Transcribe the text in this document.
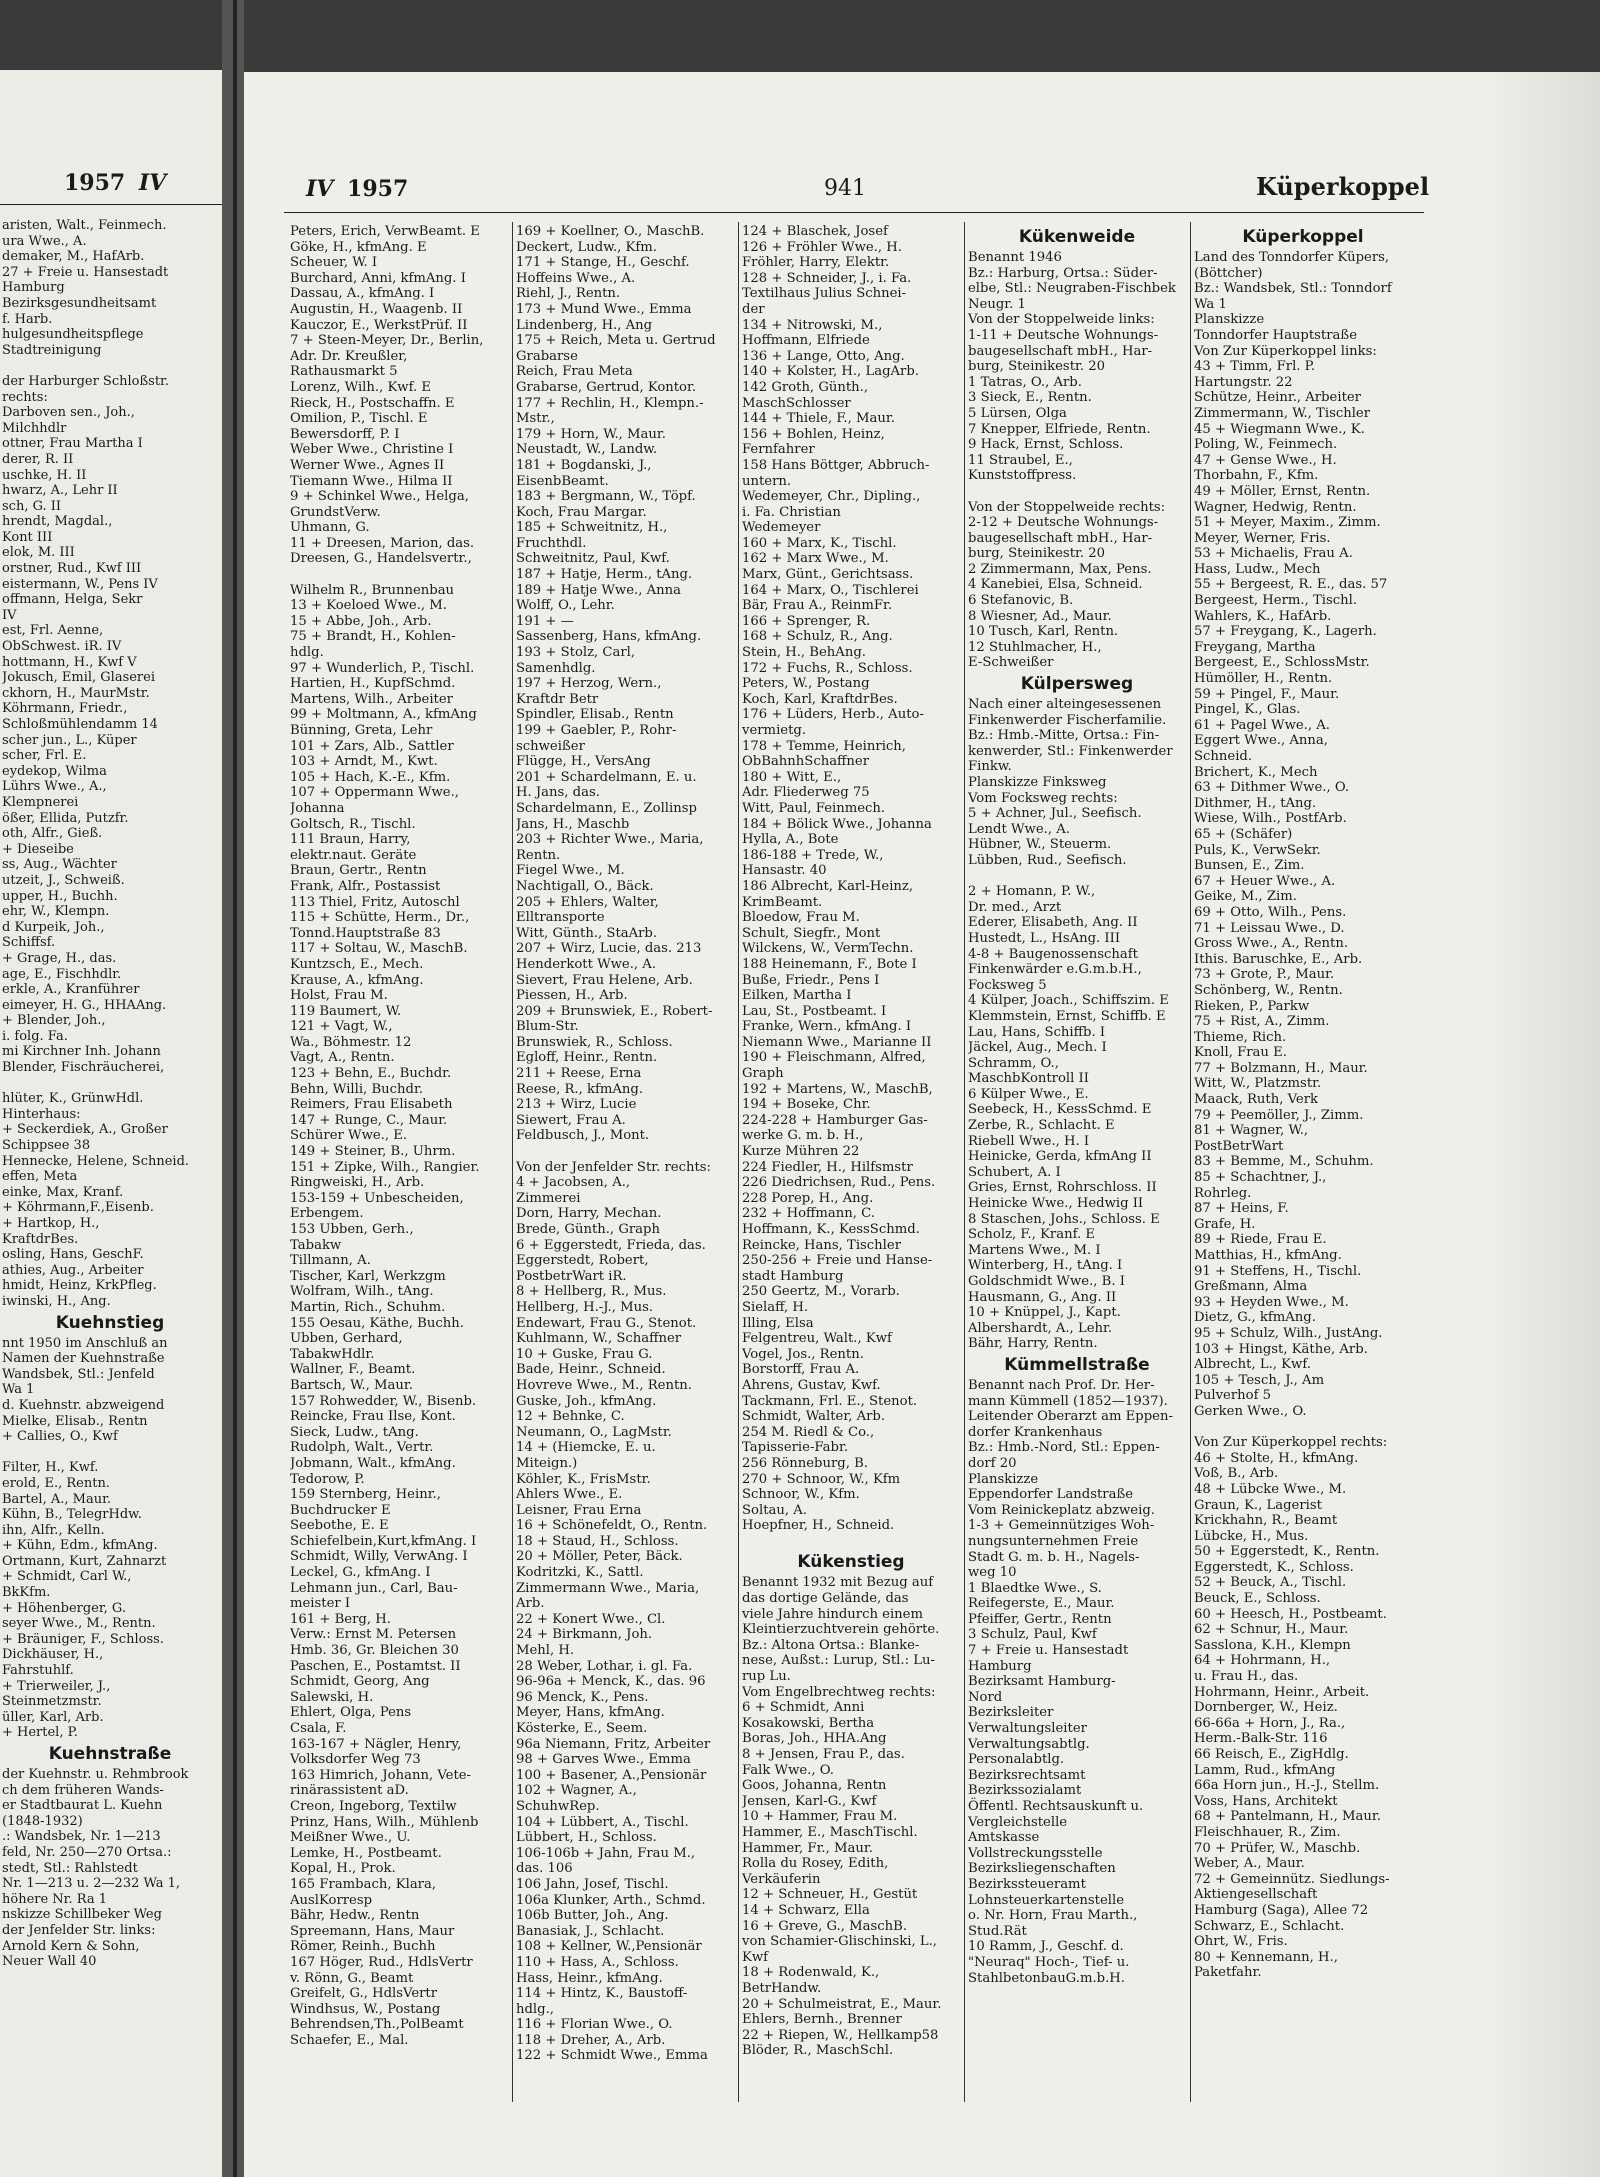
1957 IV
aristen, Walt., Feinmech.
ura Wwe., A.
demaker, M., HafArb.
27 + Freie u. Hansestadt
Hamburg
Bezirksgesundheitsamt
f. Harb.
hulgesundheitspflege
Stadtreinigung

der Harburger Schloßstr.
rechts:
Darboven sen., Joh.,
Milchhdlr
ottner, Frau Martha I
derer, R. II
uschke, H. II
hwarz, A., Lehr II
sch, G. II
hrendt, Magdal.,
Kont III
elok, M. III
orstner, Rud., Kwf III
eistermann, W., Pens IV
offmann, Helga, Sekr
IV
est, Frl. Aenne,
ObSchwest. iR. IV
hottmann, H., Kwf V
Jokusch, Emil, Glaserei
ckhorn, H., MaurMstr.
Köhrmann, Friedr.,
Schloßmühlendamm 14
scher jun., L., Küper
scher, Frl. E.
eydekop, Wilma
Lührs Wwe., A.,
Klempnerei
ößer, Ellida, Putzfr.
oth, Alfr., Gieß.
+ Dieseibe
ss, Aug., Wächter
utzeit, J., Schweiß.
upper, H., Buchh.
ehr, W., Klempn.
d Kurpeik, Joh.,
Schiffsf.
+ Grage, H., das.
age, E., Fischhdlr.
erkle, A., Kranführer
eimeyer, H. G., HHAAng.
+ Blender, Joh.,
i. folg. Fa.
mi Kirchner Inh. Johann
Blender, Fischräucherei,

hlüter, K., GrünwHdl.
Hinterhaus:
+ Seckerdiek, A., Großer
Schippsee 38
Hennecke, Helene, Schneid.
effen, Meta
einke, Max, Kranf.
+ Köhrmann,F.,Eisenb.
+ Hartkop, H.,
KraftdrBes.
osling, Hans, GeschF.
athies, Aug., Arbeiter
hmidt, Heinz, KrkPfleg.
iwinski, H., Ang.
Kuehnstieg
nnt 1950 im Anschluß an
Namen der Kuehnstraße
Wandsbek, Stl.: Jenfeld
Wa 1
d. Kuehnstr. abzweigend
Mielke, Elisab., Rentn
+ Callies, O., Kwf

Filter, H., Kwf.
erold, E., Rentn.
Bartel, A., Maur.
Kühn, B., TelegrHdw.
ihn, Alfr., Kelln.
+ Kühn, Edm., kfmAng.
Ortmann, Kurt, Zahnarzt
+ Schmidt, Carl W.,
BkKfm.
+ Höhenberger, G.
seyer Wwe., M., Rentn.
+ Bräuniger, F., Schloss.
Dickhäuser, H.,
Fahrstuhlf.
+ Trierweiler, J.,
Steinmetzmstr.
üller, Karl, Arb.
+ Hertel, P.
Kuehnstraße
der Kuehnstr. u. Rehmbrook
ch dem früheren Wands-
er Stadtbaurat L. Kuehn
(1848-1932)
.: Wandsbek, Nr. 1—213
feld, Nr. 250—270 Ortsa.:
stedt, Stl.: Rahlstedt
Nr. 1—213 u. 2—232 Wa 1,
höhere Nr. Ra 1
nskizze Schillbeker Weg
der Jenfelder Str. links:
Arnold Kern & Sohn,
Neuer Wall 40
IV 1957	941	Küperkoppel
Peters, Erich, VerwBeamt. E
Göke, H., kfmAng. E
Scheuer, W. I
Burchard, Anni, kfmAng. I
Dassau, A., kfmAng. I
Augustin, H., Waagenb. II
Kauczor, E., WerkstPrüf. II
7 + Steen-Meyer, Dr., Berlin,
Adr. Dr. Kreußler,
Rathausmarkt 5
Lorenz, Wilh., Kwf. E
Rieck, H., Postschaffn. E
Omilion, P., Tischl. E
Bewersdorff, P. I
Weber Wwe., Christine I
Werner Wwe., Agnes II
Tiemann Wwe., Hilma II
9 + Schinkel Wwe., Helga,
GrundstVerw.
Uhmann, G.
11 + Dreesen, Marion, das.
Dreesen, G., Handelsvertr.,

Wilhelm R., Brunnenbau
13 + Koeloed Wwe., M.
15 + Abbe, Joh., Arb.
75 + Brandt, H., Kohlen-
hdlg.
97 + Wunderlich, P., Tischl.
Hartien, H., KupfSchmd.
Martens, Wilh., Arbeiter
99 + Moltmann, A., kfmAng
Bünning, Greta, Lehr
101 + Zars, Alb., Sattler
103 + Arndt, M., Kwt.
105 + Hach, K.-E., Kfm.
107 + Oppermann Wwe.,
Johanna
Goltsch, R., Tischl.
111 Braun, Harry,
elektr.naut. Geräte
Braun, Gertr., Rentn
Frank, Alfr., Postassist
113 Thiel, Fritz, Autoschl
115 + Schütte, Herm., Dr.,
Tonnd.Hauptstraße 83
117 + Soltau, W., MaschB.
Kuntzsch, E., Mech.
Krause, A., kfmAng.
Holst, Frau M.
119 Baumert, W.
121 + Vagt, W.,
Wa., Böhmestr. 12
Vagt, A., Rentn.
123 + Behn, E., Buchdr.
Behn, Willi, Buchdr.
Reimers, Frau Elisabeth
147 + Runge, C., Maur.
Schürer Wwe., E.
149 + Steiner, B., Uhrm.
151 + Zipke, Wilh., Rangier.
Ringweiski, H., Arb.
153-159 + Unbescheiden,
Erbengem.
153 Ubben, Gerh.,
Tabakw
Tillmann, A.
Tischer, Karl, Werkzgm
Wolfram, Wilh., tAng.
Martin, Rich., Schuhm.
155 Oesau, Käthe, Buchh.
Ubben, Gerhard,
TabakwHdlr.
Wallner, F., Beamt.
Bartsch, W., Maur.
157 Rohwedder, W., Bisenb.
Reincke, Frau Ilse, Kont.
Sieck, Ludw., tAng.
Rudolph, Walt., Vertr.
Jobmann, Walt., kfmAng.
Tedorow, P.
159 Sternberg, Heinr.,
Buchdrucker E
Seebothe, E. E
Schiefelbein,Kurt,kfmAng. I
Schmidt, Willy, VerwAng. I
Leckel, G., kfmAng. I
Lehmann jun., Carl, Bau-
meister I
161 + Berg, H.
Verw.: Ernst M. Petersen
Hmb. 36, Gr. Bleichen 30
Paschen, E., Postamtst. II
Schmidt, Georg, Ang
Salewski, H.
Ehlert, Olga, Pens
Csala, F.
163-167 + Nägler, Henry,
Volksdorfer Weg 73
163 Himrich, Johann, Vete-
rinärassistent aD.
Creon, Ingeborg, Textilw
Prinz, Hans, Wilh., Mühlenb
Meißner Wwe., U.
Lemke, H., Postbeamt.
Kopal, H., Prok.
165 Frambach, Klara,
AuslKorresp
Bähr, Hedw., Rentn
Spreemann, Hans, Maur
Römer, Reinh., Buchh
167 Höger, Rud., HdlsVertr
v. Rönn, G., Beamt
Greifelt, G., HdlsVertr
Windhsus, W., Postang
Behrendsen,Th.,PolBeamt
Schaefer, E., Mal.
169 + Koellner, O., MaschB.
Deckert, Ludw., Kfm.
171 + Stange, H., Geschf.
Hoffeins Wwe., A.
Riehl, J., Rentn.
173 + Mund Wwe., Emma
Lindenberg, H., Ang
175 + Reich, Meta u. Gertrud
Grabarse
Reich, Frau Meta
Grabarse, Gertrud, Kontor.
177 + Rechlin, H., Klempn.-
Mstr.,
179 + Horn, W., Maur.
Neustadt, W., Landw.
181 + Bogdanski, J.,
EisenbBeamt.
183 + Bergmann, W., Töpf.
Koch, Frau Margar.
185 + Schweitnitz, H.,
Fruchthdl.
Schweitnitz, Paul, Kwf.
187 + Hatje, Herm., tAng.
189 + Hatje Wwe., Anna
Wolff, O., Lehr.
191 + —
Sassenberg, Hans, kfmAng.
193 + Stolz, Carl,
Samenhdlg.
197 + Herzog, Wern.,
Kraftdr Betr
Spindler, Elisab., Rentn
199 + Gaebler, P., Rohr-
schweißer
Flügge, H., VersAng
201 + Schardelmann, E. u.
H. Jans, das.
Schardelmann, E., Zollinsp
Jans, H., Maschb
203 + Richter Wwe., Maria,
Rentn.
Fiegel Wwe., M.
Nachtigall, O., Bäck.
205 + Ehlers, Walter,
Elltransporte
Witt, Günth., StaArb.
207 + Wirz, Lucie, das. 213
Henderkott Wwe., A.
Sievert, Frau Helene, Arb.
Piessen, H., Arb.
209 + Brunswiek, E., Robert-
Blum-Str.
Brunswiek, R., Schloss.
Egloff, Heinr., Rentn.
211 + Reese, Erna
Reese, R., kfmAng.
213 + Wirz, Lucie
Siewert, Frau A.
Feldbusch, J., Mont.

Von der Jenfelder Str. rechts:
4 + Jacobsen, A.,
Zimmerei
Dorn, Harry, Mechan.
Brede, Günth., Graph
6 + Eggerstedt, Frieda, das.
Eggerstedt, Robert,
PostbetrWart iR.
8 + Hellberg, R., Mus.
Hellberg, H.-J., Mus.
Endewart, Frau G., Stenot.
Kuhlmann, W., Schaffner
10 + Guske, Frau G.
Bade, Heinr., Schneid.
Hovreve Wwe., M., Rentn.
Guske, Joh., kfmAng.
12 + Behnke, C.
Neumann, O., LagMstr.
14 + (Hiemcke, E. u.
Miteign.)
Köhler, K., FrisMstr.
Ahlers Wwe., E.
Leisner, Frau Erna
16 + Schönefeldt, O., Rentn.
18 + Staud, H., Schloss.
20 + Möller, Peter, Bäck.
Kodritzki, K., Sattl.
Zimmermann Wwe., Maria,
Arb.
22 + Konert Wwe., Cl.
24 + Birkmann, Joh.
Mehl, H.
28 Weber, Lothar, i. gl. Fa.
96-96a + Menck, K., das. 96
96 Menck, K., Pens.
Meyer, Hans, kfmAng.
Kösterke, E., Seem.
96a Niemann, Fritz, Arbeiter
98 + Garves Wwe., Emma
100 + Basener, A.,Pensionär
102 + Wagner, A.,
SchuhwRep.
104 + Lübbert, A., Tischl.
Lübbert, H., Schloss.
106-106b + Jahn, Frau M.,
das. 106
106 Jahn, Josef, Tischl.
106a Klunker, Arth., Schmd.
106b Butter, Joh., Ang.
Banasiak, J., Schlacht.
108 + Kellner, W.,Pensionär
110 + Hass, A., Schloss.
Hass, Heinr., kfmAng.
114 + Hintz, K., Baustoff-
hdlg.,
116 + Florian Wwe., O.
118 + Dreher, A., Arb.
122 + Schmidt Wwe., Emma
124 + Blaschek, Josef
126 + Fröhler Wwe., H.
Fröhler, Harry, Elektr.
128 + Schneider, J., i. Fa.
Textilhaus Julius Schnei-
der
134 + Nitrowski, M.,
Hoffmann, Elfriede
136 + Lange, Otto, Ang.
140 + Kolster, H., LagArb.
142 Groth, Günth.,
MaschSchlosser
144 + Thiele, F., Maur.
156 + Bohlen, Heinz,
Fernfahrer
158 Hans Böttger, Abbruch-
untern.
Wedemeyer, Chr., Dipling.,
i. Fa. Christian
Wedemeyer
160 + Marx, K., Tischl.
162 + Marx Wwe., M.
Marx, Günt., Gerichtsass.
164 + Marx, O., Tischlerei
Bär, Frau A., ReinmFr.
166 + Sprenger, R.
168 + Schulz, R., Ang.
Stein, H., BehAng.
172 + Fuchs, R., Schloss.
Peters, W., Postang
Koch, Karl, KraftdrBes.
176 + Lüders, Herb., Auto-
vermietg.
178 + Temme, Heinrich,
ObBahnhSchaffner
180 + Witt, E.,
Adr. Fliederweg 75
Witt, Paul, Feinmech.
184 + Bölick Wwe., Johanna
Hylla, A., Bote
186-188 + Trede, W.,
Hansastr. 40
186 Albrecht, Karl-Heinz,
KrimBeamt.
Bloedow, Frau M.
Schult, Siegfr., Mont
Wilckens, W., VermTechn.
188 Heinemann, F., Bote I
Buße, Friedr., Pens I
Eilken, Martha I
Lau, St., Postbeamt. I
Franke, Wern., kfmAng. I
Niemann Wwe., Marianne II
190 + Fleischmann, Alfred,
Graph
192 + Martens, W., MaschB,
194 + Boseke, Chr.
224-228 + Hamburger Gas-
werke G. m. b. H.,
Kurze Mühren 22
224 Fiedler, H., Hilfsmstr
226 Diedrichsen, Rud., Pens.
228 Porep, H., Ang.
232 + Hoffmann, C.
Hoffmann, K., KessSchmd.
Reincke, Hans, Tischler
250-256 + Freie und Hanse-
stadt Hamburg
250 Geertz, M., Vorarb.
Sielaff, H.
Illing, Elsa
Felgentreu, Walt., Kwf
Vogel, Jos., Rentn.
Borstorff, Frau A.
Ahrens, Gustav, Kwf.
Tackmann, Frl. E., Stenot.
Schmidt, Walter, Arb.
254 M. Riedl & Co.,
Tapisserie-Fabr.
256 Rönneburg, B.
270 + Schnoor, W., Kfm
Schnoor, W., Kfm.
Soltau, A.
Hoepfner, H., Schneid.

Kükenstieg
Benannt 1932 mit Bezug auf
das dortige Gelände, das
viele Jahre hindurch einem
Kleintierzuchtverein gehörte.
Bz.: Altona Ortsa.: Blanke-
nese, Außst.: Lurup, Stl.: Lu-
rup Lu.
Vom Engelbrechtweg rechts:
6 + Schmidt, Anni
Kosakowski, Bertha
Boras, Joh., HHA.Ang
8 + Jensen, Frau P., das.
Falk Wwe., O.
Goos, Johanna, Rentn
Jensen, Karl-G., Kwf
10 + Hammer, Frau M.
Hammer, E., MaschTischl.
Hammer, Fr., Maur.
Rolla du Rosey, Edith,
Verkäuferin
12 + Schneuer, H., Gestüt
14 + Schwarz, Ella
16 + Greve, G., MaschB.
von Schamier-Glischinski, L.,
Kwf
18 + Rodenwald, K.,
BetrHandw.
20 + Schulmeistrat, E., Maur.
Ehlers, Bernh., Brenner
22 + Riepen, W., Hellkamp58
Blöder, R., MaschSchl.
Kükenweide
Benannt 1946
Bz.: Harburg, Ortsa.: Süder-
elbe, Stl.: Neugraben-Fischbek
Neugr. 1
Von der Stoppelweide links:
1-11 + Deutsche Wohnungs-
baugesellschaft mbH., Har-
burg, Steinikestr. 20
1 Tatras, O., Arb.
3 Sieck, E., Rentn.
5 Lürsen, Olga
7 Knepper, Elfriede, Rentn.
9 Hack, Ernst, Schloss.
11 Straubel, E.,
Kunststoffpress.

Von der Stoppelweide rechts:
2-12 + Deutsche Wohnungs-
baugesellschaft mbH., Har-
burg, Steinikestr. 20
2 Zimmermann, Max, Pens.
4 Kanebiei, Elsa, Schneid.
6 Stefanovic, B.
8 Wiesner, Ad., Maur.
10 Tusch, Karl, Rentn.
12 Stuhlmacher, H.,
E-Schweißer
Külpersweg
Nach einer alteingesessenen
Finkenwerder Fischerfamilie.
Bz.: Hmb.-Mitte, Ortsa.: Fin-
kenwerder, Stl.: Finkenwerder
Finkw.
Planskizze Finksweg
Vom Focksweg rechts:
5 + Achner, Jul., Seefisch.
Lendt Wwe., A.
Hübner, W., Steuerm.
Lübben, Rud., Seefisch.

2 + Homann, P. W.,
Dr. med., Arzt
Ederer, Elisabeth, Ang. II
Hustedt, L., HsAng. III
4-8 + Baugenossenschaft
Finkenwärder e.G.m.b.H.,
Focksweg 5
4 Külper, Joach., Schiffszim. E
Klemmstein, Ernst, Schiffb. E
Lau, Hans, Schiffb. I
Jäckel, Aug., Mech. I
Schramm, O.,
MaschbKontroll II
6 Külper Wwe., E.
Seebeck, H., KessSchmd. E
Zerbe, R., Schlacht. E
Riebell Wwe., H. I
Heinicke, Gerda, kfmAng II
Schubert, A. I
Gries, Ernst, Rohrschloss. II
Heinicke Wwe., Hedwig II
8 Staschen, Johs., Schloss. E
Scholz, F., Kranf. E
Martens Wwe., M. I
Winterberg, H., tAng. I
Goldschmidt Wwe., B. I
Hausmann, G., Ang. II
10 + Knüppel, J., Kapt.
Albershardt, A., Lehr.
Bähr, Harry, Rentn.
Kümmellstraße
Benannt nach Prof. Dr. Her-
mann Kümmell (1852—1937).
Leitender Oberarzt am Eppen-
dorfer Krankenhaus
Bz.: Hmb.-Nord, Stl.: Eppen-
dorf 20
Planskizze
Eppendorfer Landstraße
Vom Reinickeplatz abzweig.
1-3 + Gemeinnütziges Woh-
nungsunternehmen Freie
Stadt G. m. b. H., Nagels-
weg 10
1 Blaedtke Wwe., S.
Reifegerste, E., Maur.
Pfeiffer, Gertr., Rentn
3 Schulz, Paul, Kwf
7 + Freie u. Hansestadt
Hamburg
Bezirksamt Hamburg-
Nord
Bezirksleiter
Verwaltungsleiter
Verwaltungsabtlg.
Personalabtlg.
Bezirksrechtsamt
Bezirkssozialamt
Öffentl. Rechtsauskunft u.
Vergleichstelle
Amtskasse
Vollstreckungsstelle
Bezirksliegenschaften
Bezirkssteueramt
Lohnsteuerkartenstelle
o. Nr. Horn, Frau Marth.,
Stud.Rät
10 Ramm, J., Geschf. d.
"Neuraq" Hoch-, Tief- u.
StahlbetonbauG.m.b.H.
Küperkoppel
Land des Tonndorfer Küpers,
(Böttcher)
Bz.: Wandsbek, Stl.: Tonndorf
Wa 1
Planskizze
Tonndorfer Hauptstraße
Von Zur Küperkoppel links:
43 + Timm, Frl. P.
Hartungstr. 22
Schütze, Heinr., Arbeiter
Zimmermann, W., Tischler
45 + Wiegmann Wwe., K.
Poling, W., Feinmech.
47 + Gense Wwe., H.
Thorbahn, F., Kfm.
49 + Möller, Ernst, Rentn.
Wagner, Hedwig, Rentn.
51 + Meyer, Maxim., Zimm.
Meyer, Werner, Fris.
53 + Michaelis, Frau A.
Hass, Ludw., Mech
55 + Bergeest, R. E., das. 57
Bergeest, Herm., Tischl.
Wahlers, K., HafArb.
57 + Freygang, K., Lagerh.
Freygang, Martha
Bergeest, E., SchlossMstr.
Hümöller, H., Rentn.
59 + Pingel, F., Maur.
Pingel, K., Glas.
61 + Pagel Wwe., A.
Eggert Wwe., Anna,
Schneid.
Brichert, K., Mech
63 + Dithmer Wwe., O.
Dithmer, H., tAng.
Wiese, Wilh., PostfArb.
65 + (Schäfer)
Puls, K., VerwSekr.
Bunsen, E., Zim.
67 + Heuer Wwe., A.
Geike, M., Zim.
69 + Otto, Wilh., Pens.
71 + Leissau Wwe., D.
Gross Wwe., A., Rentn.
Ithis. Baruschke, E., Arb.
73 + Grote, P., Maur.
Schönberg, W., Rentn.
Rieken, P., Parkw
75 + Rist, A., Zimm.
Thieme, Rich.
Knoll, Frau E.
77 + Bolzmann, H., Maur.
Witt, W., Platzmstr.
Maack, Ruth, Verk
79 + Peemöller, J., Zimm.
81 + Wagner, W.,
PostBetrWart
83 + Bemme, M., Schuhm.
85 + Schachtner, J.,
Rohrleg.
87 + Heins, F.
Grafe, H.
89 + Riede, Frau E.
Matthias, H., kfmAng.
91 + Steffens, H., Tischl.
Greßmann, Alma
93 + Heyden Wwe., M.
Dietz, G., kfmAng.
95 + Schulz, Wilh., JustAng.
103 + Hingst, Käthe, Arb.
Albrecht, L., Kwf.
105 + Tesch, J., Am
Pulverhof 5
Gerken Wwe., O.

Von Zur Küperkoppel rechts:
46 + Stolte, H., kfmAng.
Voß, B., Arb.
48 + Lübcke Wwe., M.
Graun, K., Lagerist
Krickhahn, R., Beamt
Lübcke, H., Mus.
50 + Eggerstedt, K., Rentn.
Eggerstedt, K., Schloss.
52 + Beuck, A., Tischl.
Beuck, E., Schloss.
60 + Heesch, H., Postbeamt.
62 + Schnur, H., Maur.
Sasslona, K.H., Klempn
64 + Hohrmann, H.,
u. Frau H., das.
Hohrmann, Heinr., Arbeit.
Dornberger, W., Heiz.
66-66a + Horn, J., Ra.,
Herm.-Balk-Str. 116
66 Reisch, E., ZigHdlg.
Lamm, Rud., kfmAng
66a Horn jun., H.-J., Stellm.
Voss, Hans, Architekt
68 + Pantelmann, H., Maur.
Fleischhauer, R., Zim.
70 + Prüfer, W., Maschb.
Weber, A., Maur.
72 + Gemeinnütz. Siedlungs-
Aktiengesellschaft
Hamburg (Saga), Allee 72
Schwarz, E., Schlacht.
Ohrt, W., Fris.
80 + Kennemann, H.,
Paketfahr.
